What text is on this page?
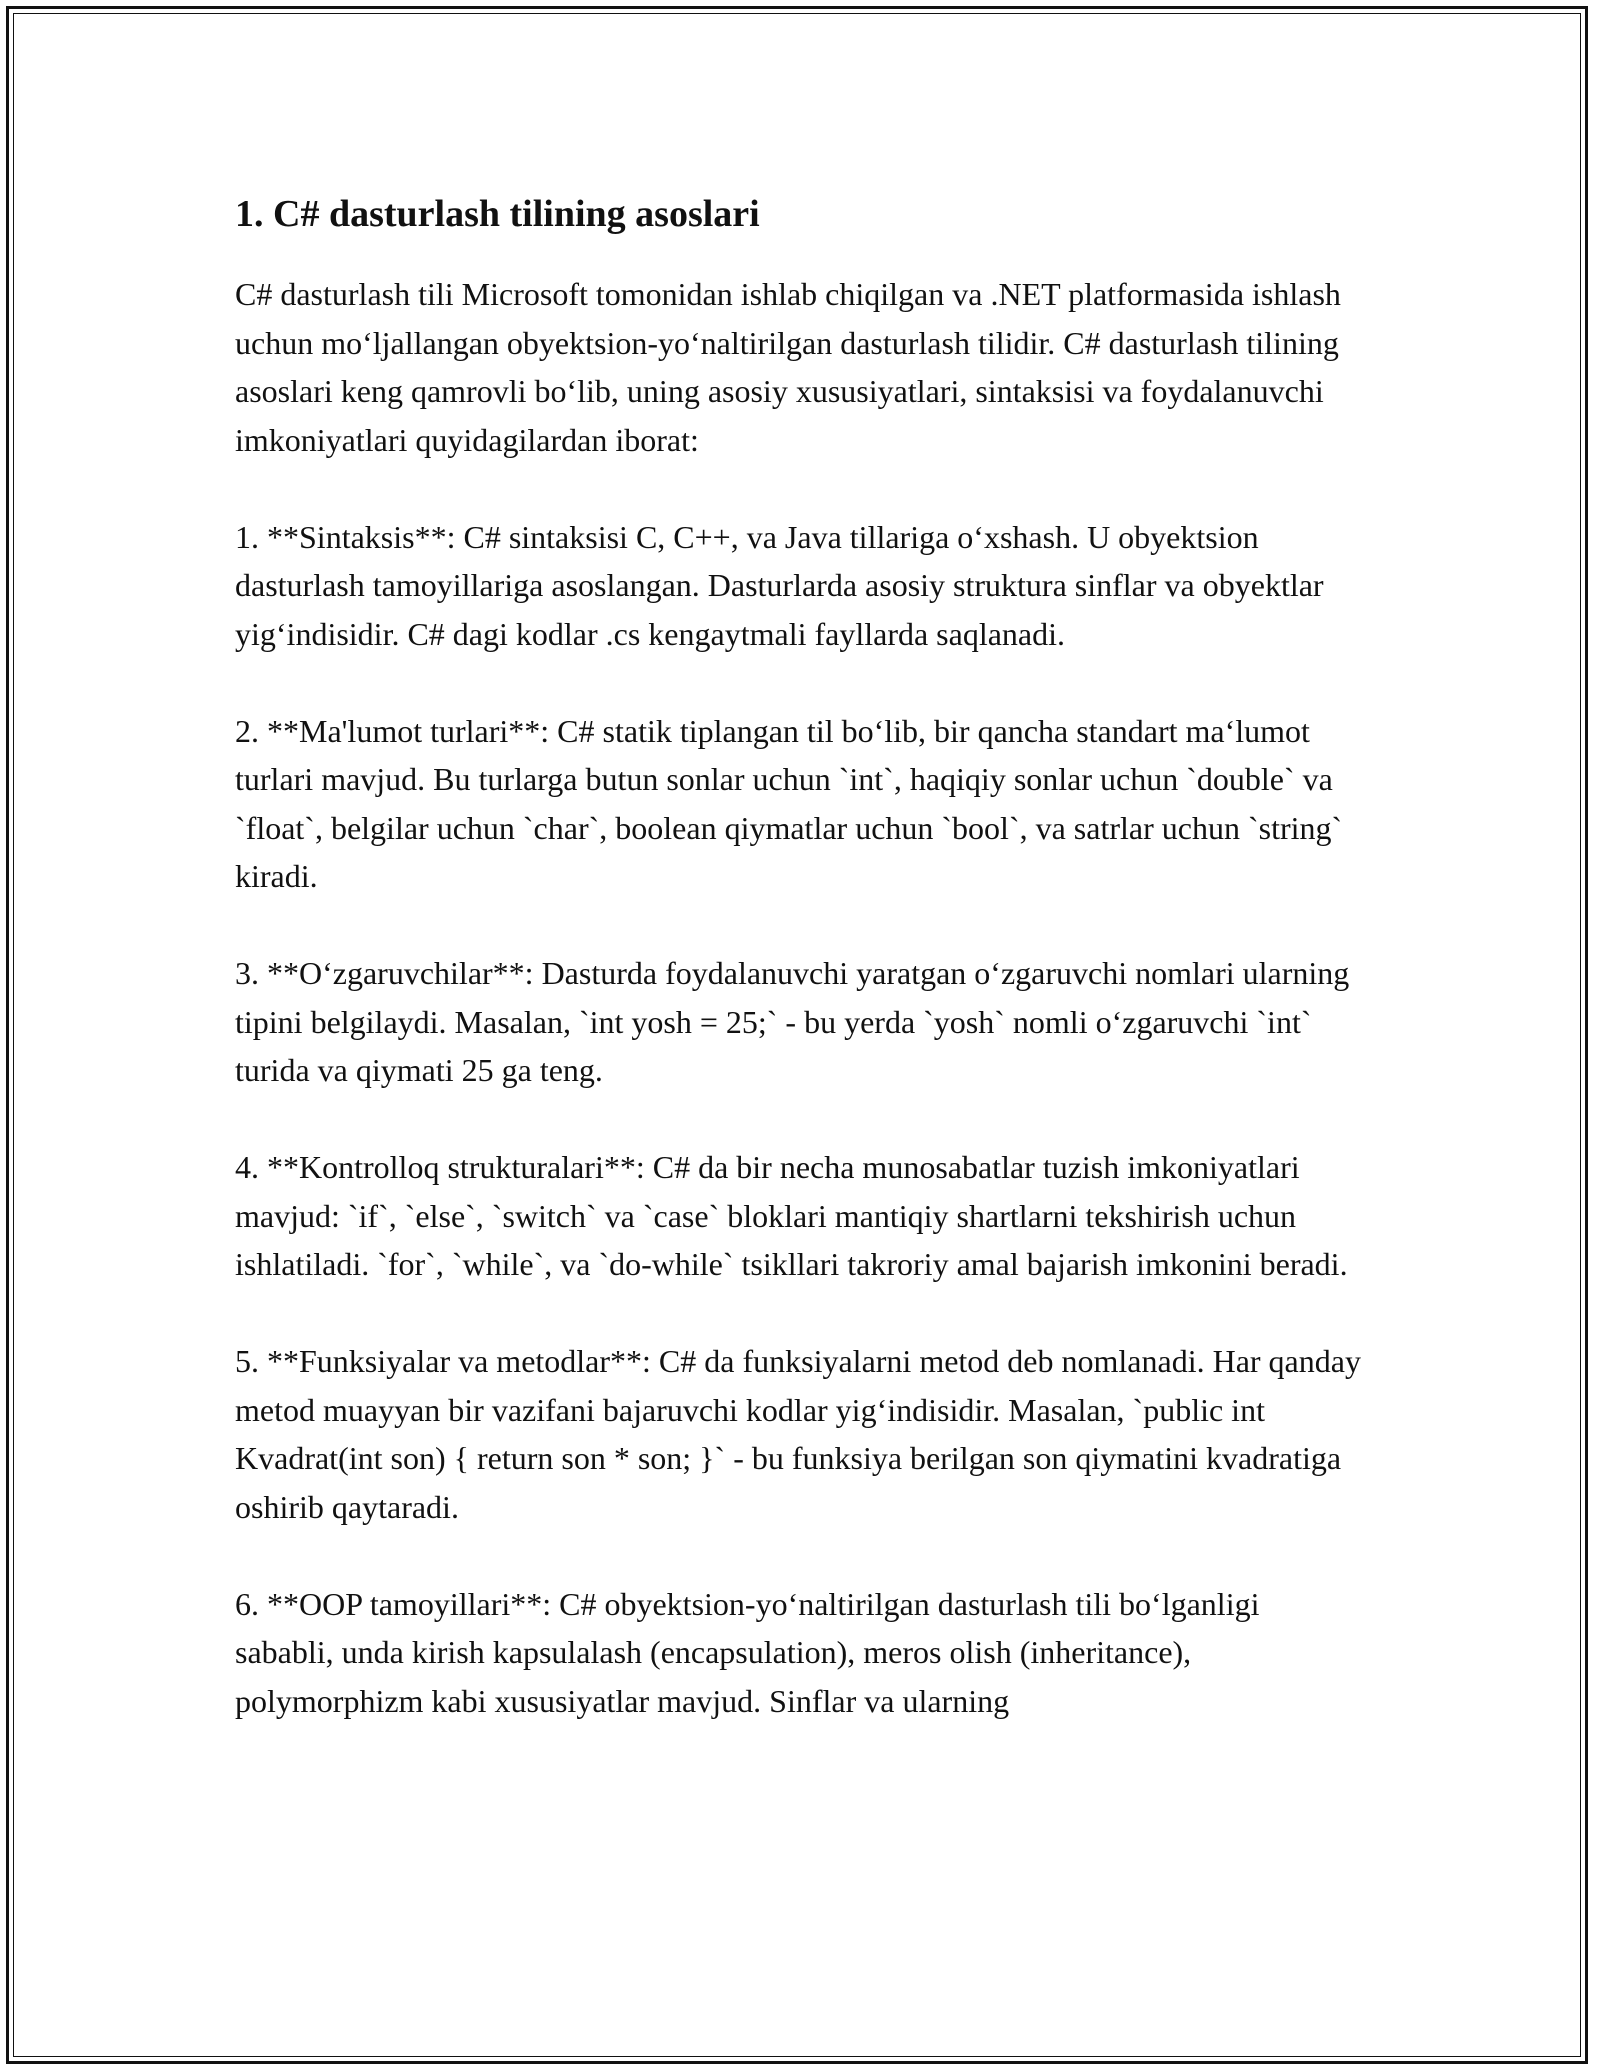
1. C# dasturlash tilining asoslari

C# dasturlash tili Microsoft tomonidan ishlab chiqilgan va .NET platformasida ishlash uchun mo‘ljallangan obyektsion-yo‘naltirilgan dasturlash tilidir. C# dasturlash tilining asoslari keng qamrovli bo‘lib, uning asosiy xususiyatlari, sintaksisi va foydalanuvchi imkoniyatlari quyidagilardan iborat:

1. **Sintaksis**: C# sintaksisi C, C++, va Java tillariga o‘xshash. U obyektsion dasturlash tamoyillariga asoslangan. Dasturlarda asosiy struktura sinflar va obyektlar yig‘indisidir. C# dagi kodlar .cs kengaytmali fayllarda saqlanadi.

2. **Ma'lumot turlari**: C# statik tiplangan til bo‘lib, bir qancha standart ma‘lumot turlari mavjud. Bu turlarga butun sonlar uchun `int`, haqiqiy sonlar uchun `double` va `float`, belgilar uchun `char`, boolean qiymatlar uchun `bool`, va satrlar uchun `string` kiradi.

3. **O‘zgaruvchilar**: Dasturda foydalanuvchi yaratgan o‘zgaruvchi nomlari ularning tipini belgilaydi. Masalan, `int yosh = 25;` - bu yerda `yosh` nomli o‘zgaruvchi `int` turida va qiymati 25 ga teng.

4. **Kontrolloq strukturalari**: C# da bir necha munosabatlar tuzish imkoniyatlari mavjud: `if`, `else`, `switch` va `case` bloklari mantiqiy shartlarni tekshirish uchun ishlatiladi. `for`, `while`, va `do-while` tsikllari takroriy amal bajarish imkonini beradi.

5. **Funksiyalar va metodlar**: C# da funksiyalarni metod deb nomlanadi. Har qanday metod muayyan bir vazifani bajaruvchi kodlar yig‘indisidir. Masalan, `public int Kvadrat(int son) { return son * son; }` - bu funksiya berilgan son qiymatini kvadratiga oshirib qaytaradi.

6. **OOP tamoyillari**: C# obyektsion-yo‘naltirilgan dasturlash tili bo‘lganligi sababli, unda kirish kapsulalash (encapsulation), meros olish (inheritance), polymorphizm kabi xususiyatlar mavjud. Sinflar va ularning
